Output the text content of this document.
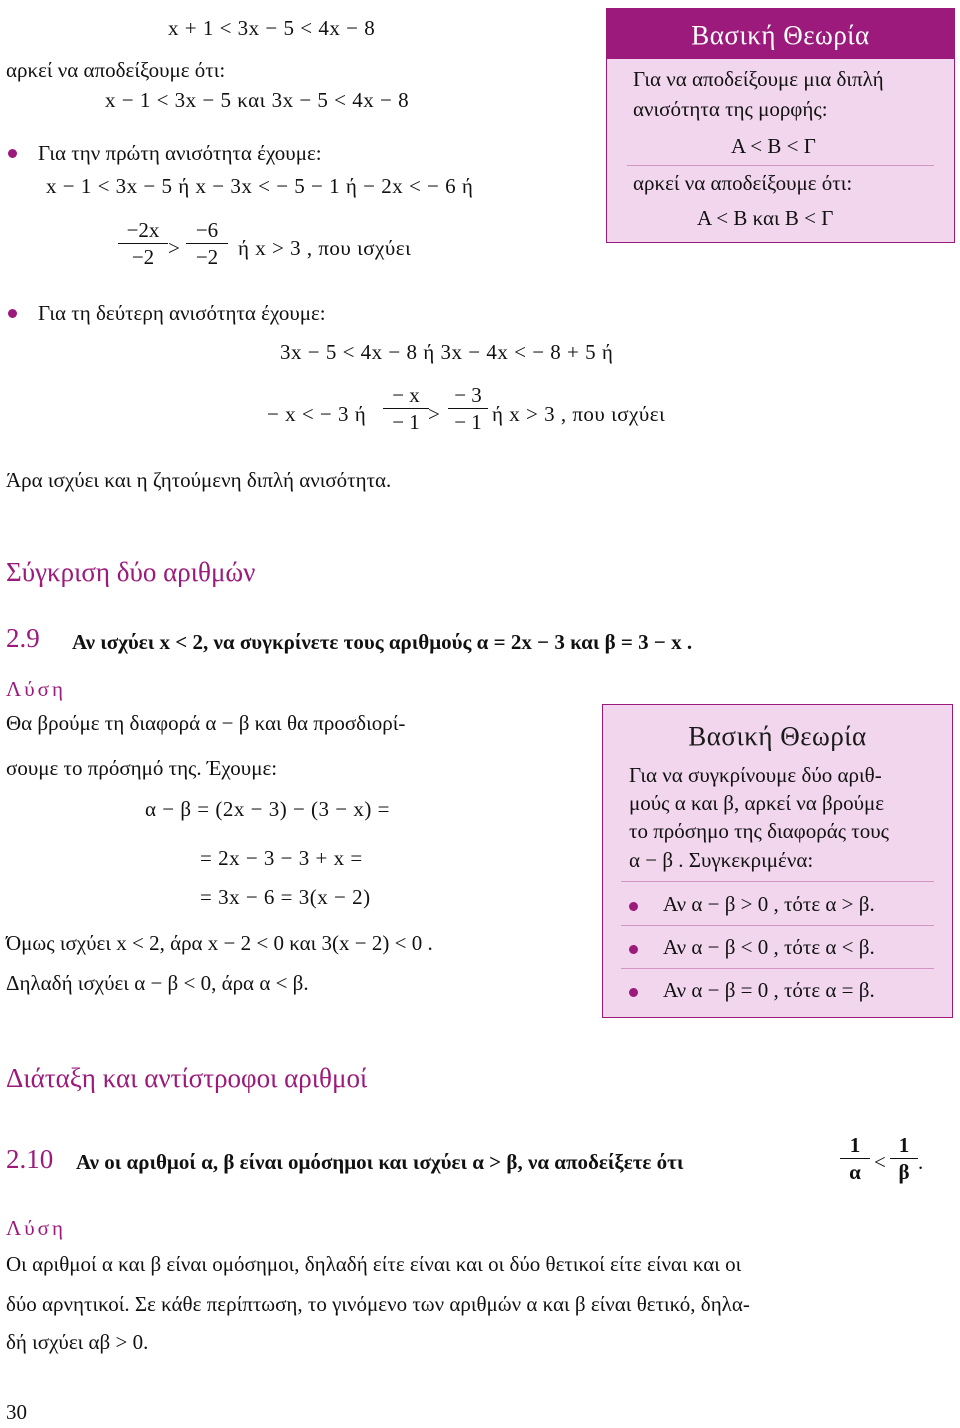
x + 1 < 3x − 5 < 4x − 8
αρκεί να αποδείξουμε ότι:
x − 1 < 3x − 5 και 3x − 5 < 4x − 8
Για την πρώτη ανισότητα έχουμε:
x − 1 < 3x − 5 ή x − 3x < − 5 − 1 ή − 2x < − 6 ή
$\frac{-2x}{-2} > \frac{-6}{-2}$ ή x > 3 , που ισχύει
Για τη δεύτερη ανισότητα έχουμε:
3x − 5 < 4x − 8 ή 3x − 4x < − 8 + 5 ή
− x < − 3 ή $\frac{- x}{- 1} > \frac{- 3}{- 1}$ ή x > 3 , που ισχύει
Άρα ισχύει και η ζητούμενη διπλή ανισότητα.
Βασική Θεωρία
Για να αποδείξουμε μια διπλή
ανισότητα της μορφής:
Α < Β < Γ
αρκεί να αποδείξουμε ότι:
Α < Β και Β < Γ
Σύγκριση δύο αριθμών
2.9 Αν ισχύει x < 2, να συγκρίνετε τους αριθμούς α = 2x − 3 και β = 3 − x .
Λύση
Θα βρούμε τη διαφορά α − β και θα προσδιορί-
σουμε το πρόσημό της. Έχουμε:
α − β = (2x − 3) − (3 − x) =
= 2x − 3 − 3 + x =
= 3x − 6 = 3(x − 2)
Όμως ισχύει x < 2, άρα x − 2 < 0 και 3(x − 2) < 0 .
Δηλαδή ισχύει α − β < 0, άρα α < β.
Βασική Θεωρία
Για να συγκρίνουμε δύο αριθ-
μούς α και β, αρκεί να βρούμε
το πρόσημο της διαφοράς τους
α − β . Συγκεκριμένα:
Αν α − β > 0 , τότε α > β.
Αν α − β < 0 , τότε α < β.
Αν α − β = 0 , τότε α = β.
Διάταξη και αντίστροφοι αριθμοί
2.10 Αν οι αριθμοί α, β είναι ομόσημοι και ισχύει α > β, να αποδείξετε ότι	$\frac{1}{\alpha} < \frac{1}{\beta}$ .
Λύση
Οι αριθμοί α και β είναι ομόσημοι, δηλαδή είτε είναι και οι δύο θετικοί είτε είναι και οι
δύο αρνητικοί. Σε κάθε περίπτωση, το γινόμενο των αριθμών α και β είναι θετικό, δηλα-
δή ισχύει αβ > 0.
30
